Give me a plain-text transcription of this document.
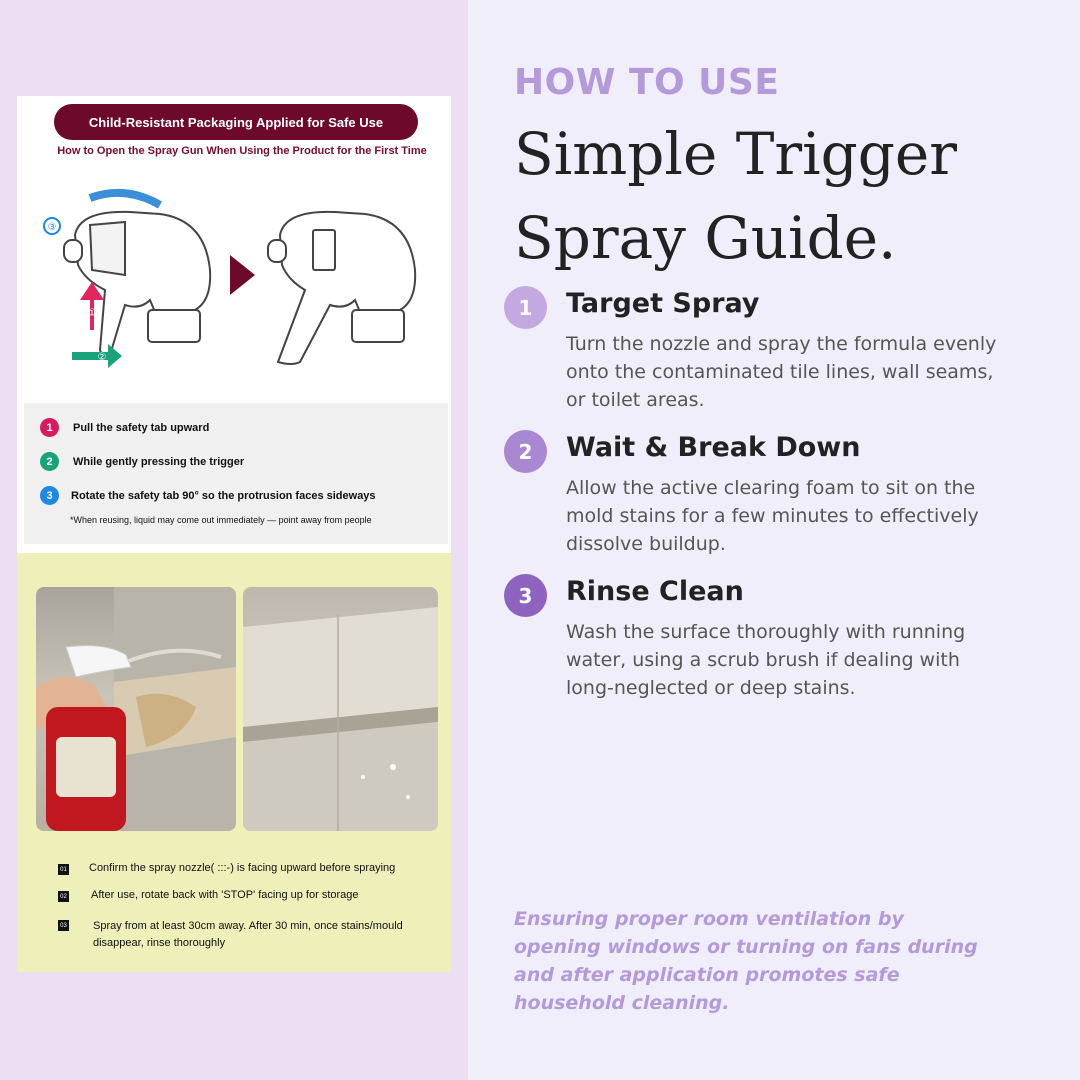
Child-Resistant Packaging Applied for Safe Use
How to Open the Spray Gun When Using the Product for the First Time
③
①
②
1	Pull the safety tab upward
2	While gently pressing the trigger
3	Rotate the safety tab 90° so the protrusion faces sideways
*When reusing, liquid may come out immediately — point away from people
01 Confirm the spray nozzle( :::-) is facing upward before spraying
02 After use, rotate back with 'STOP' facing up for storage
03 Spray from at least 30cm away. After 30 min, once stains/mould disappear, rinse thoroughly
HOW TO USE
Simple Trigger
Spray Guide.
1	Target Spray
Turn the nozzle and spray the formula evenly onto the contaminated tile lines, wall seams, or toilet areas.
2	Wait & Break Down
Allow the active clearing foam to sit on the mold stains for a few minutes to effectively dissolve buildup.
3	Rinse Clean
Wash the surface thoroughly with running water, using a scrub brush if dealing with long-neglected or deep stains.
Ensuring proper room ventilation by opening windows or turning on fans during and after application promotes safe household cleaning.
